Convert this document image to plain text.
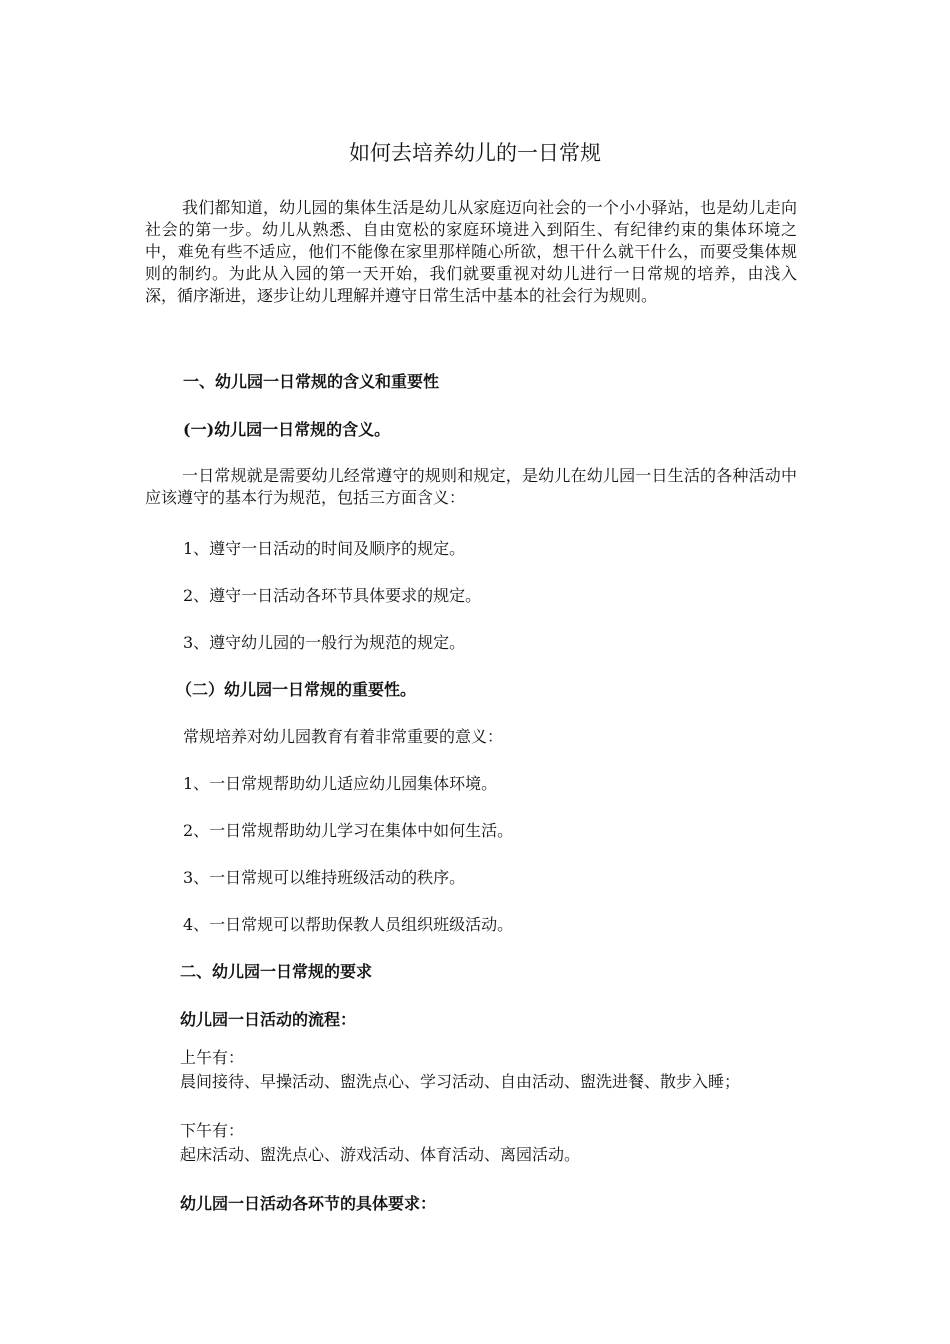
如何去培养幼儿的一日常规

我们都知道，幼儿园的集体生活是幼儿从家庭迈向社会的一个小小驿站，也是幼儿走向社会的第一步。幼儿从熟悉、自由宽松的家庭环境进入到陌生、有纪律约束的集体环境之中，难免有些不适应，他们不能像在家里那样随心所欲，想干什么就干什么，而要受集体规则的制约。为此从入园的第一天开始，我们就要重视对幼儿进行一日常规的培养，由浅入深，循序渐进，逐步让幼儿理解并遵守日常生活中基本的社会行为规则。

一、幼儿园一日常规的含义和重要性
(一)幼儿园一日常规的含义。

一日常规就是需要幼儿经常遵守的规则和规定，是幼儿在幼儿园一日生活的各种活动中应该遵守的基本行为规范，包括三方面含义：

1、遵守一日活动的时间及顺序的规定。
2、遵守一日活动各环节具体要求的规定。
3、遵守幼儿园的一般行为规范的规定。
（二）幼儿园一日常规的重要性。
常规培养对幼儿园教育有着非常重要的意义：
1、一日常规帮助幼儿适应幼儿园集体环境。
2、一日常规帮助幼儿学习在集体中如何生活。
3、一日常规可以维持班级活动的秩序。
4、一日常规可以帮助保教人员组织班级活动。
二、幼儿园一日常规的要求
幼儿园一日活动的流程：
上午有：
晨间接待、早操活动、盥洗点心、学习活动、自由活动、盥洗进餐、散步入睡；
下午有：
起床活动、盥洗点心、游戏活动、体育活动、离园活动。
幼儿园一日活动各环节的具体要求：
